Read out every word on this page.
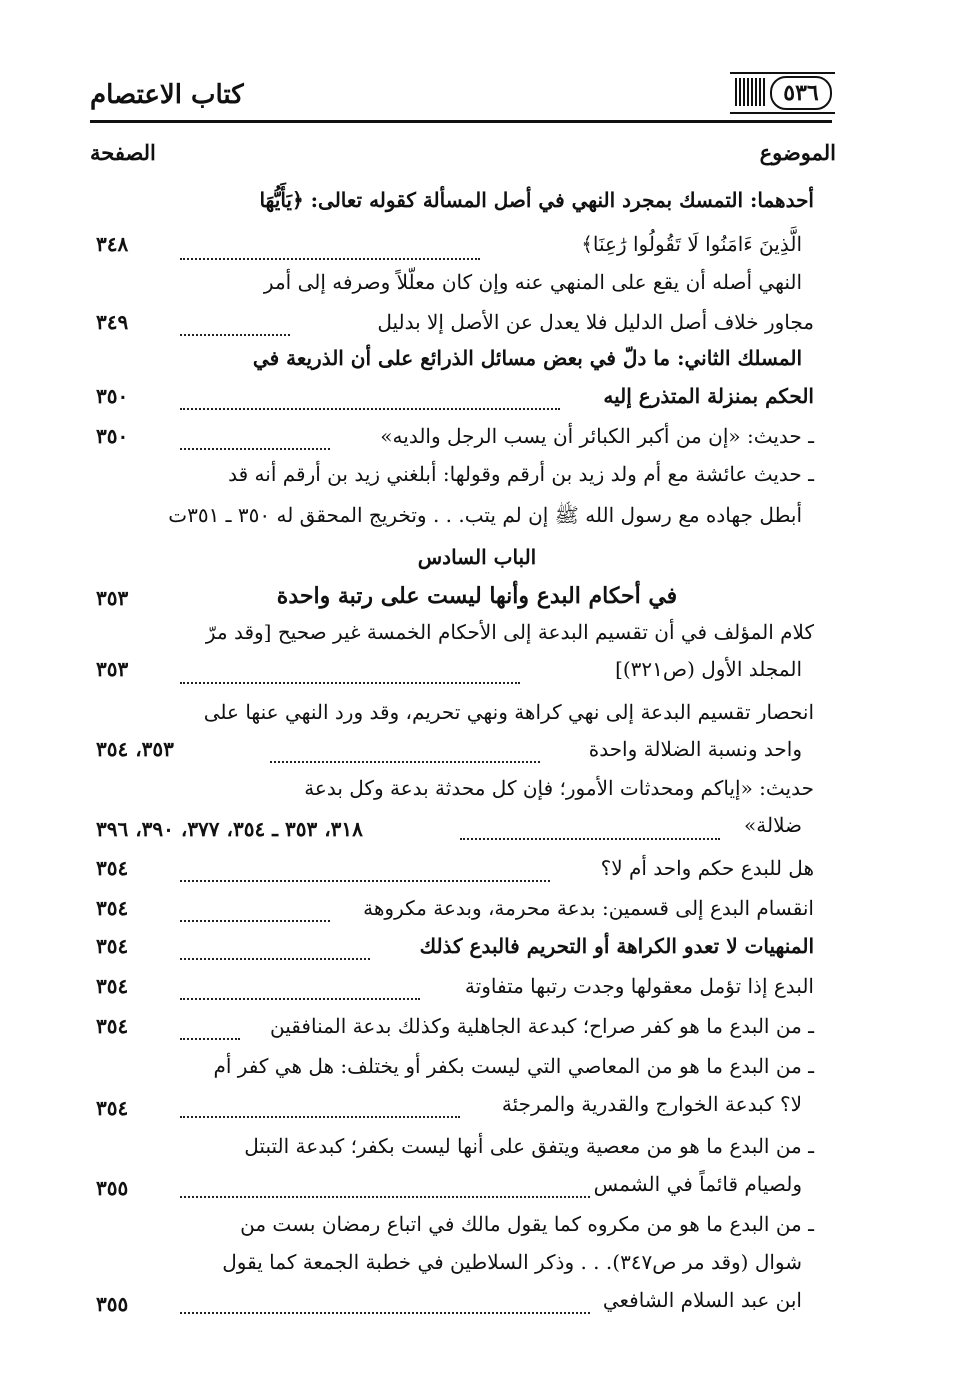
٥٣٦
كتاب الاعتصام
الموضوع
الصفحة
أحدهما: التمسك بمجرد النهي في أصل المسألة كقوله تعالى: ﴿يَأَيُّهَا
الَّذِينَ ءَامَنُوا لَا تَقُولُوا رَٰعِنَا﴾
٣٤٨
النهي أصله أن يقع على المنهي عنه وإن كان معلّلاً وصرفه إلى أمر
مجاور خلاف أصل الدليل فلا يعدل عن الأصل إلا بدليل
٣٤٩
المسلك الثاني: ما دلّ في بعض مسائل الذرائع على أن الذريعة في
الحكم بمنزلة المتذرع إليه
٣٥٠
ـ حديث: «إن من أكبر الكبائر أن يسب الرجل والديه»
٣٥٠
ـ حديث عائشة مع أم ولد زيد بن أرقم وقولها: أبلغني زيد بن أرقم أنه قد
أبطل جهاده مع رسول الله ﷺ إن لم يتب. . . وتخريج المحقق له ٣٥٠ ـ ٣٥١ت
الباب السادس
في أحكام البدع وأنها ليست على رتبة واحدة
٣٥٣
كلام المؤلف في أن تقسيم البدعة إلى الأحكام الخمسة غير صحيح [وقد مرّ
المجلد الأول (ص٣٢١)]
٣٥٣
انحصار تقسيم البدعة إلى نهي كراهة ونهي تحريم، وقد ورد النهي عنها على
واحد ونسبة الضلالة واحدة
٣٥٣، ٣٥٤
حديث: «إياكم ومحدثات الأمور؛ فإن كل محدثة بدعة وكل بدعة
ضلالة»
٣١٨، ٣٥٣ ـ ٣٥٤، ٣٧٧، ٣٩٠، ٣٩٦
هل للبدع حكم واحد أم لا؟
٣٥٤
انقسام البدع إلى قسمين: بدعة محرمة، وبدعة مكروهة
٣٥٤
المنهيات لا تعدو الكراهة أو التحريم فالبدع كذلك
٣٥٤
البدع إذا تؤمل معقولها وجدت رتبها متفاوتة
٣٥٤
ـ من البدع ما هو كفر صراح؛ كبدعة الجاهلية وكذلك بدعة المنافقين
٣٥٤
ـ من البدع ما هو من المعاصي التي ليست بكفر أو يختلف: هل هي كفر أم
لا؟ كبدعة الخوارج والقدرية والمرجئة
٣٥٤
ـ من البدع ما هو من معصية ويتفق على أنها ليست بكفر؛ كبدعة التبتل
ولصيام قائماً في الشمس
٣٥٥
ـ من البدع ما هو من مكروه كما يقول مالك في اتباع رمضان بست من
شوال (وقد مر ص٣٤٧). . . وذكر السلاطين في خطبة الجمعة كما يقول
ابن عبد السلام الشافعي
٣٥٥
